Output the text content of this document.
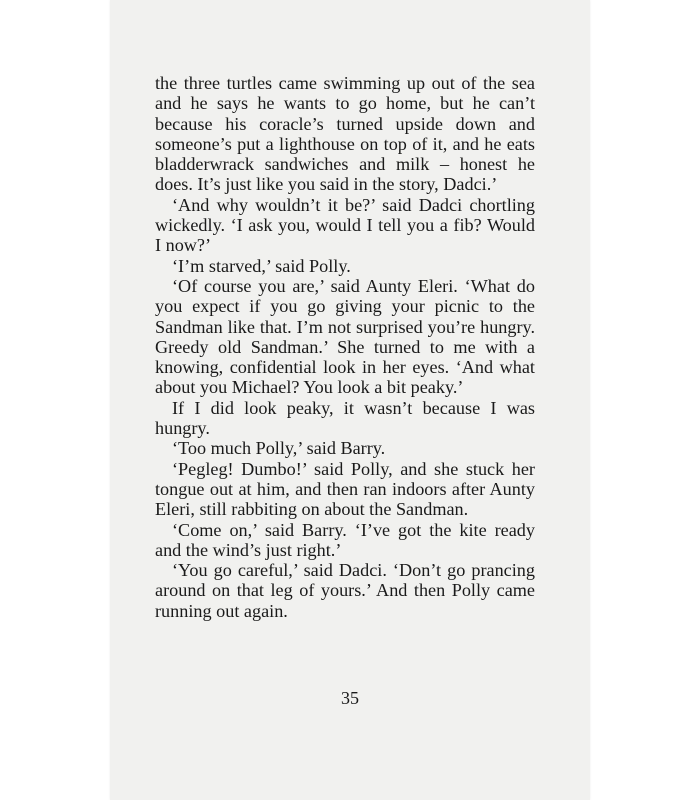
the three turtles came swimming up out of the sea and he says he wants to go home, but he can’t because his coracle’s turned upside down and someone’s put a lighthouse on top of it, and he eats bladderwrack sandwiches and milk – honest he does. It’s just like you said in the story, Dadci.’

‘And why wouldn’t it be?’ said Dadci chortling wickedly. ‘I ask you, would I tell you a fib? Would I now?’

‘I’m starved,’ said Polly.

‘Of course you are,’ said Aunty Eleri. ‘What do you expect if you go giving your picnic to the Sandman like that. I’m not surprised you’re hungry. Greedy old Sandman.’ She turned to me with a knowing, confidential look in her eyes. ‘And what about you Michael? You look a bit peaky.’

If I did look peaky, it wasn’t because I was hungry.

‘Too much Polly,’ said Barry.

‘Pegleg! Dumbo!’ said Polly, and she stuck her tongue out at him, and then ran indoors after Aunty Eleri, still rabbiting on about the Sandman.

‘Come on,’ said Barry. ‘I’ve got the kite ready and the wind’s just right.’

‘You go careful,’ said Dadci. ‘Don’t go prancing around on that leg of yours.’ And then Polly came running out again.

35
